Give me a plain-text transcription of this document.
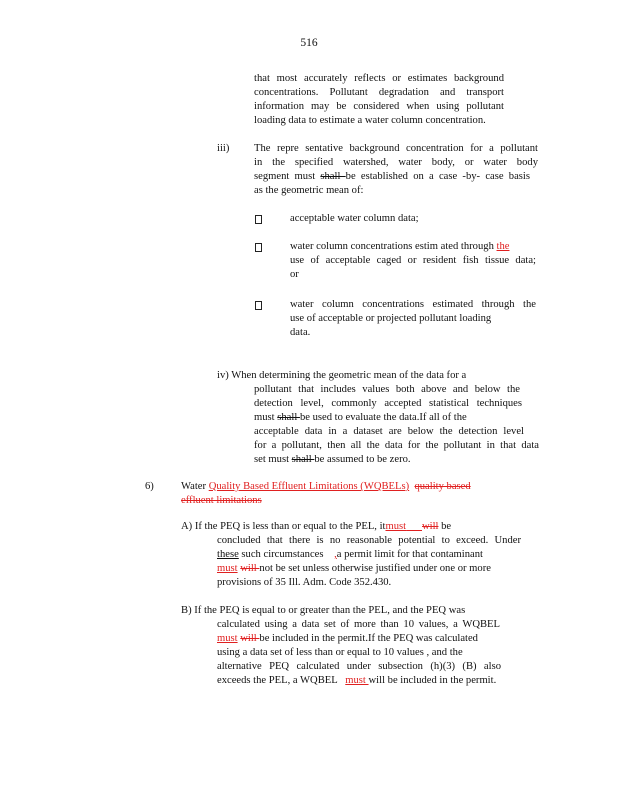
516
that most accurately reflects or estimates background
concentrations. Pollutant degradation and transport
information may be considered when using pollutant
loading data to estimate a water column concentration.
iii) The repre sentative background concentration for a pollutant
in the specified watershed, water body, or water body
segment must shall be established on a case -by- case basis
as the geometric mean of:
acceptable water column data;
water column concentrations estim ated through the
use of acceptable caged or resident fish tissue data;
or
water column concentrations estimated through the
use of acceptable or projected pollutant loading
data.
iv) When determining the geometric mean of the data for a
pollutant that includes values both above and below the
detection level, commonly accepted statistical techniques
must shall be used to evaluate the data.If all of the
acceptable data in a dataset are below the detection level
for a pollutant, then all the data for the pollutant in that data
set must shall be assumed to be zero.
6)	Water Quality Based Effluent Limitations (WQBELs) quality based
effluent limitations
A) If the PEQ is less than or equal to the PEL, itmust will be
concluded that there is no reasonable potential to exceed. Under
these such circumstances ,a permit limit for that contaminant
must will not be set unless otherwise justified under one or more
provisions of 35 Ill. Adm. Code 352.430.
B) If the PEQ is equal to or greater than the PEL, and the PEQ was
calculated using a data set of more than 10 values, a WQBEL
must will be included in the permit.If the PEQ was calculated
using a data set of less than or equal to 10 values , and the
alternative PEQ calculated under subsection (h)(3) (B) also
exceeds the PEL, a WQBEL   must will be included in the permit.
